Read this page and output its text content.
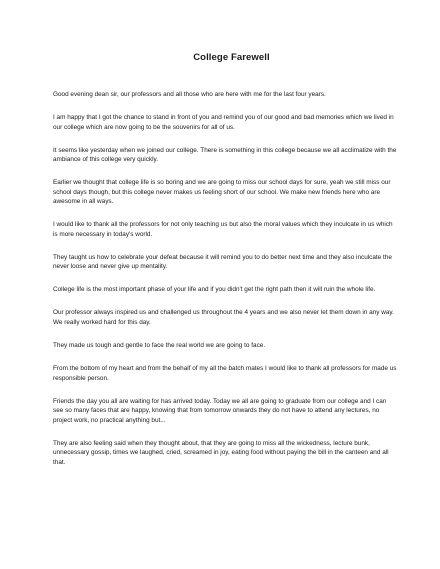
College Farewell

Good evening dean sir, our professors and all those who are here with me for the last four years.

I am happy that I got the chance to stand in front of you and remind you of our good and bad memories which we lived in our college which are now going to be the souvenirs for all of us.

It seems like yesterday when we joined our college. There is something in this college because we all acclimatize with the ambiance of this college very quickly.

Earlier we thought that college life is so boring and we are going to miss our school days for sure, yeah we still miss our school days though, but this college never makes us feeling short of our school. We make new friends here who are awesome in all ways.

I would like to thank all the professors for not only teaching us but also the moral values which they inculcate in us which is more necessary in today's world.

They taught us how to celebrate your defeat because it will remind you to do better next time and they also inculcate the never loose and never give up mentality.

College life is the most important phase of your life and if you didn't get the right path then it will ruin the whole life.

Our professor always inspired us and challenged us throughout the 4 years and we also never let them down in any way. We really worked hard for this day.

They made us tough and gentle to face the real world we are going to face.

From the bottom of my heart and from the behalf of my all the batch mates I would like to thank all professors for made us responsible person.

Friends the day you all are waiting for has arrived today. Today we all are going to graduate from our college and I can see so many faces that are happy, knowing that from tomorrow onwards they do not have to attend any lectures, no project work, no practical anything but...

They are also feeling said when they thought about, that they are going to miss all the wickedness, lecture bunk, unnecessary gossip, times we laughed, cried, screamed in joy, eating food without paying the bill in the canteen and all that.
